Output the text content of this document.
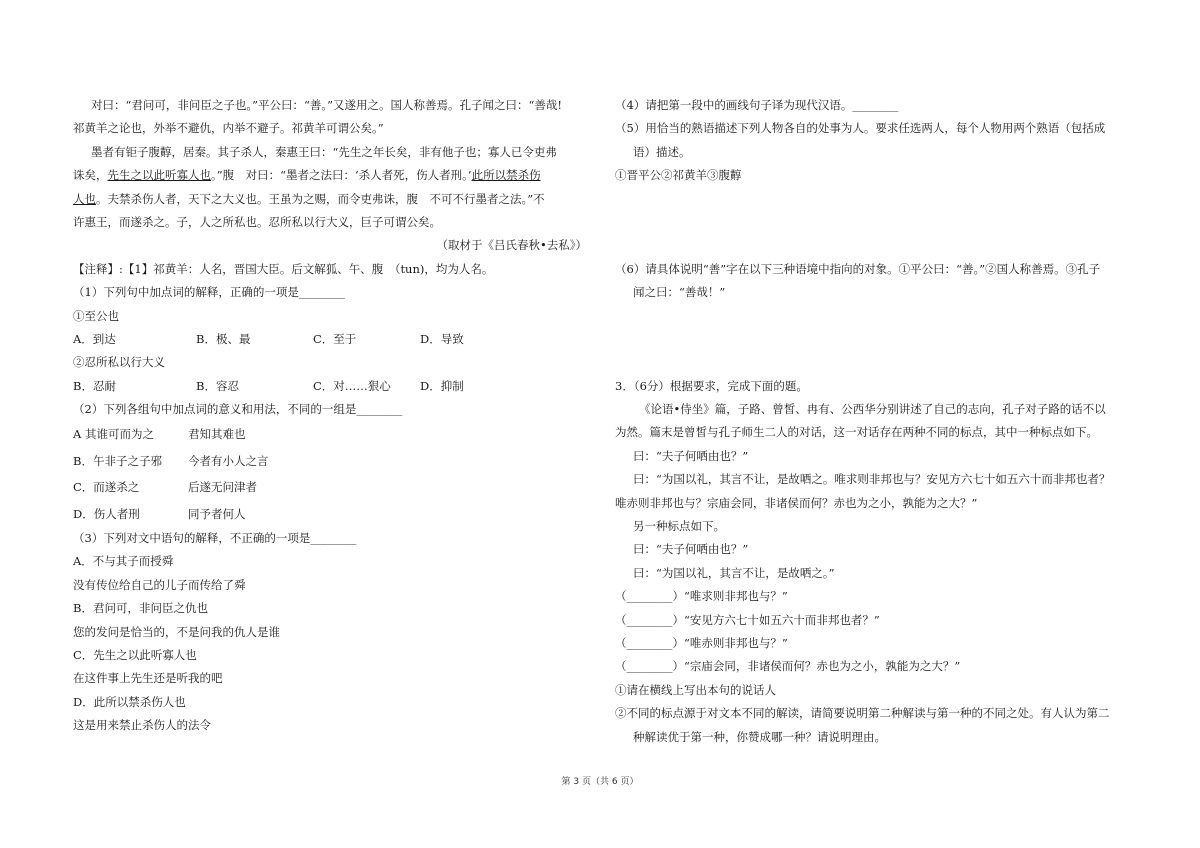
对曰：“君问可，非问臣之子也。”平公曰：“善。”又遂用之。国人称善焉。孔子闻之曰：“善哉!
祁黄羊之论也，外举不避仇，内举不避子。祁黄羊可谓公矣。”
墨者有钜子腹䵍，居秦。其子杀人，秦惠王曰：“先生之年长矣，非有他子也；寡人已令吏弗
诛矣，先生之以此听寡人也。”腹　对曰：“墨者之法曰：‘杀人者死，伤人者刑。’此所以禁杀伤
人也。夫禁杀伤人者，天下之大义也。王虽为之赐，而令吏弗诛，腹　不可不行墨者之法。”不
许惠王，而遂杀之。子，人之所私也。忍所私以行大义，巨子可谓公矣。
（取材于《吕氏春秋•去私》）
【注释】:【1】祁黄羊：人名，晋国大臣。后文解狐、午、腹　（tun)，均为人名。
（1）下列句中加点词的解释，正确的一项是________
①至公也
A．到达	B．极、最	C．至于	D．导致
②忍所私以行大义
B．忍耐	B．容忍	C．对……狠心	D．抑制
（2）下列各组句中加点词的意义和用法，不同的一组是________
A 其谁可而为之	君知其难也
B．午非子之子邪	今者有小人之言
C．而遂杀之	后遂无问津者
D．伤人者刑	同予者何人
（3）下列对文中语句的解释，不正确的一项是________
A．不与其子而授舜
没有传位给自己的儿子而传给了舜
B．君问可，非问臣之仇也
您的发问是恰当的，不是问我的仇人是谁
C．先生之以此听寡人也
在这件事上先生还是听我的吧
D．此所以禁杀伤人也
这是用来禁止杀伤人的法令
（4）请把第一段中的画线句子译为现代汉语。________
（5）用恰当的熟语描述下列人物各自的处事为人。要求任选两人，每个人物用两个熟语（包括成
语）描述。
①晋平公②祁黄羊③腹䵍
（6）请具体说明“善”字在以下三种语境中指向的对象。①平公曰：“善。”②国人称善焉。③孔子
闻之曰：“善哉！”
3．（6分）根据要求，完成下面的题。
《论语•侍坐》篇，子路、曾皙、冉有、公西华分别讲述了自己的志向，孔子对子路的话不以
为然。篇末是曾皙与孔子师生二人的对话，这一对话存在两种不同的标点，其中一种标点如下。
曰：“夫子何哂由也？”
曰：“为国以礼，其言不让，是故哂之。唯求则非邦也与？安见方六七十如五六十而非邦也者？
唯赤则非邦也与？宗庙会同，非诸侯而何？赤也为之小，孰能为之大？”
另一种标点如下。
曰：“夫子何哂由也？”
曰：“为国以礼，其言不让，是故哂之。”
（________）“唯求则非邦也与？”
（________）“安见方六七十如五六十而非邦也者？”
（________）“唯赤则非邦也与？”
（________）“宗庙会同，非诸侯而何？赤也为之小，孰能为之大？”
①请在横线上写出本句的说话人
②不同的标点源于对文本不同的解读，请简要说明第二种解读与第一种的不同之处。有人认为第二
种解读优于第一种，你赞成哪一种？请说明理由。
第 3 页（共 6 页）
